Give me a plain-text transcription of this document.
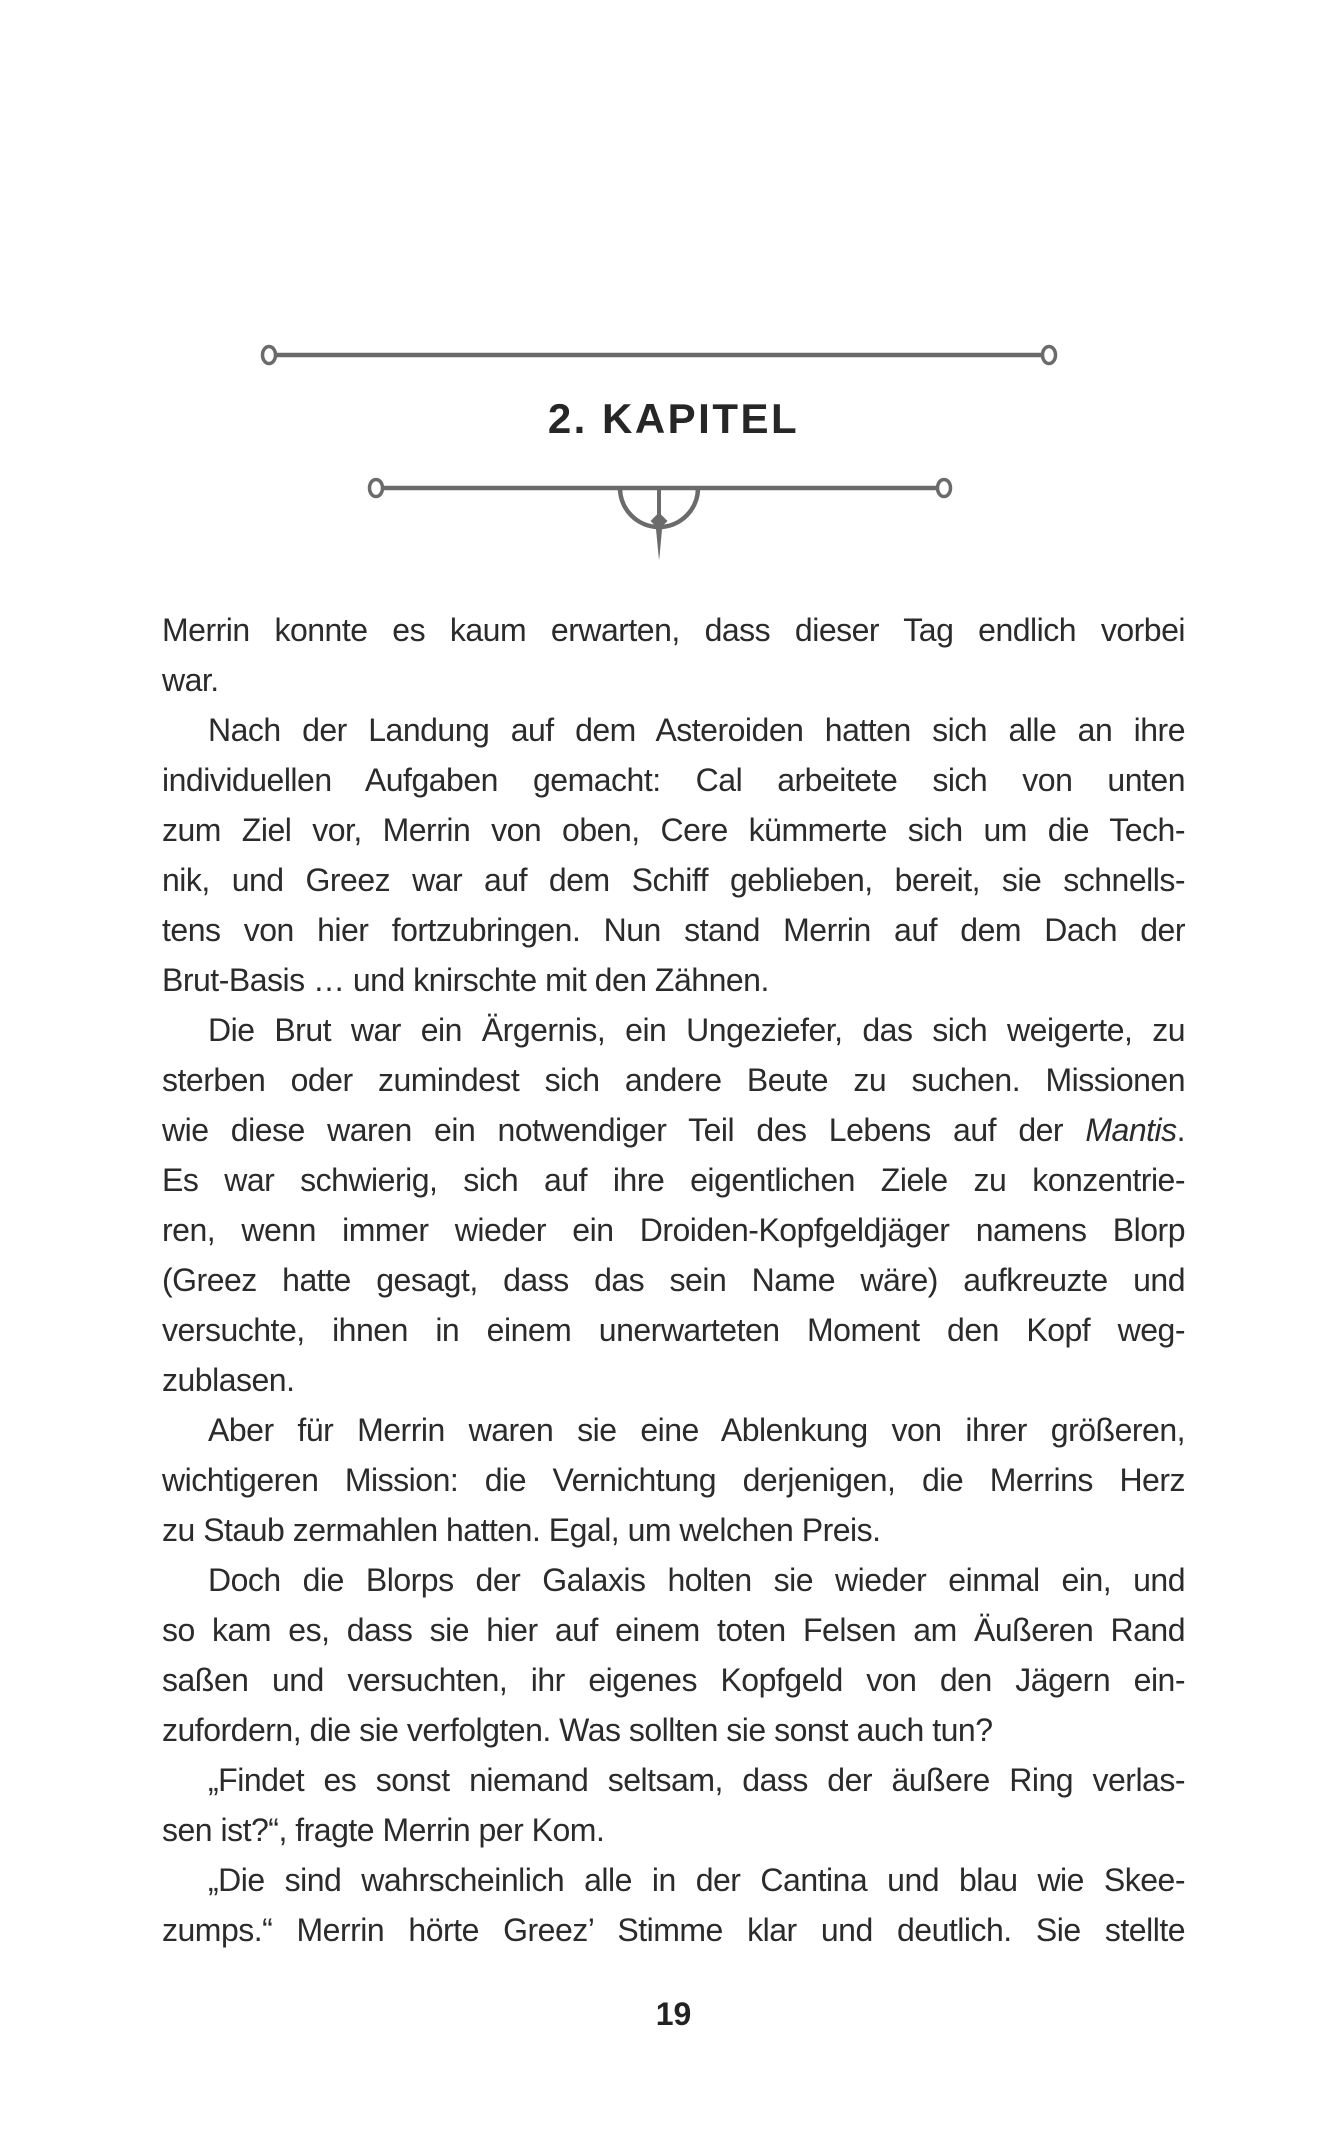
2. KAPITEL
Merrin konnte es kaum erwarten, dass dieser Tag endlich vorbei
war.
Nach der Landung auf dem Asteroiden hatten sich alle an ihre
individuellen Aufgaben gemacht: Cal arbeitete sich von unten
zum Ziel vor, Merrin von oben, Cere kümmerte sich um die Tech-
nik, und Greez war auf dem Schiff geblieben, bereit, sie schnells-
tens von hier fortzubringen. Nun stand Merrin auf dem Dach der
Brut-Basis … und knirschte mit den Zähnen.
Die Brut war ein Ärgernis, ein Ungeziefer, das sich weigerte, zu
sterben oder zumindest sich andere Beute zu suchen. Missionen
wie diese waren ein notwendiger Teil des Lebens auf der Mantis.
Es war schwierig, sich auf ihre eigentlichen Ziele zu konzentrie-
ren, wenn immer wieder ein Droiden-Kopfgeldjäger namens Blorp
(Greez hatte gesagt, dass das sein Name wäre) aufkreuzte und
versuchte, ihnen in einem unerwarteten Moment den Kopf weg-
zublasen.
Aber für Merrin waren sie eine Ablenkung von ihrer größeren,
wichtigeren Mission: die Vernichtung derjenigen, die Merrins Herz
zu Staub zermahlen hatten. Egal, um welchen Preis.
Doch die Blorps der Galaxis holten sie wieder einmal ein, und
so kam es, dass sie hier auf einem toten Felsen am Äußeren Rand
saßen und versuchten, ihr eigenes Kopfgeld von den Jägern ein-
zufordern, die sie verfolgten. Was sollten sie sonst auch tun?
„Findet es sonst niemand seltsam, dass der äußere Ring verlas-
sen ist?“, fragte Merrin per Kom.
„Die sind wahrscheinlich alle in der Cantina und blau wie Skee-
zumps.“ Merrin hörte Greez’ Stimme klar und deutlich. Sie stellte
19
